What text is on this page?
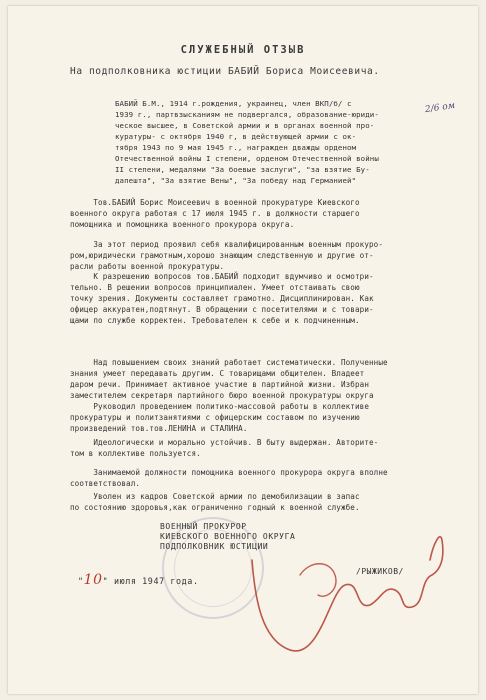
СЛУЖЕБНЫЙ ОТЗЫВ
На подполковника юстиции БАБИЙ Бориса Моисеевича.
БАБИЙ Б.М., 1914 г.рождения, украинец, член ВКП/б/ с
1939 г., партвзысканиям не подвергался, образование-юриди-
ческое высшее, в Советской армии и в органах военной про-
куратуры- с октября 1940 г, в действующей армии с ок-
тября 1943 по 9 мая 1945 г., награжден дважды орденом
Отечественной войны I степени, орденом Отечественной войны
II степени, медалями "За боевые заслуги", "за взятие Бу-
дапешта", "За взятие Вены", "За победу над Германией"
2/6 ом
Тов.БАБИЙ Борис Моисеевич в военной прокуратуре Киевского
военного округа работая с 17 июля 1945 г. в должности старшего
помощника и помощника военного прокурора округа.
За этот период проявил себя квалифицированным военным прокуро-
ром,юридически грамотным,хорошо знающим следственную и другие от-
расли работы военной прокуратуры.
К разрешению вопросов тов.БАБИЙ подходит вдумчиво и осмотри-
тельно. В решении вопросов принципиален. Умеет отстаивать свою
точку зрения. Документы составляет грамотно. Дисциплинирован. Как
офицер аккуратен,подтянут. В обращении с посетителями и с товари-
щами по службе корректен. Требователен к себе и к подчиненным.
Над повышением своих знаний работает систематически. Полученные
знания умеет передавать другим. С товарищами общителен. Владеет
даром речи. Принимает активное участие в партийной жизни. Избран
заместителем секретаря партийного бюро военной прокуратуры округа
Руководил проведением политико-массовой работы в коллективе
прокуратуры и политзанятиями с офицерским составом по изучению
произведений тов.тов.ЛЕНИНА и СТАЛИНА.
Идеологически и морально устойчив. В быту выдержан. Авторите-
том в коллективе пользуется.
Занимаемой должности помощника военного прокурора округа вполне
соответствовал.
Уволен из кадров Советской армии по демобилизации в запас
по состоянию здоровья,как ограниченно годный к военной службе.
ВОЕННЫЙ ПРОКУРОР
КИЕВСКОГО ВОЕННОГО ОКРУГА
ПОДПОЛКОВНИК ЮСТИЦИИ
/РЫЖИКОВ/
"10" июля 1947 года.
